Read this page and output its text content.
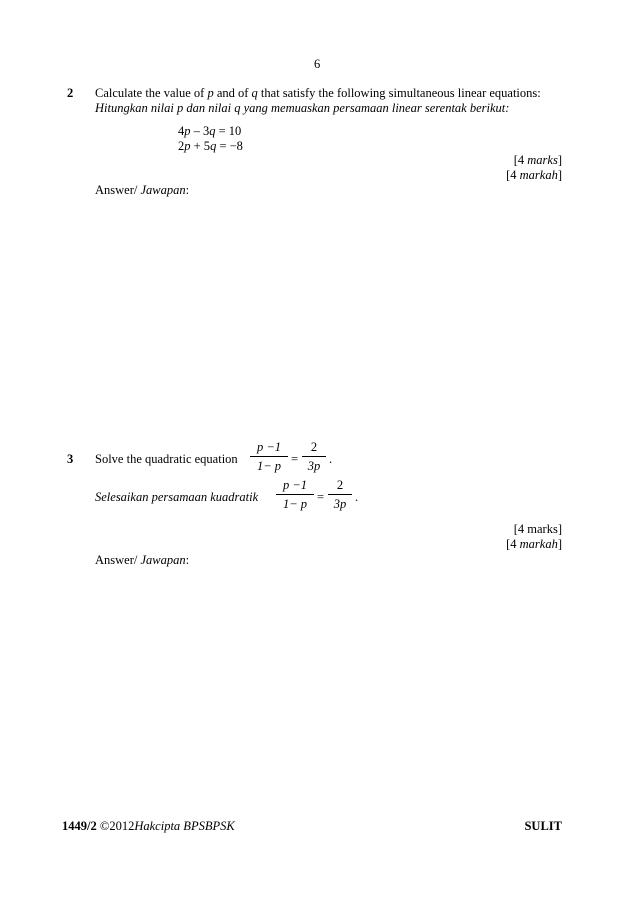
6
2 Calculate the value of p and of q that satisfy the following simultaneous linear equations:
Hitungkan nilai p dan nilai q yang memuaskan persamaan linear serentak berikut:
4p – 3q = 10
2p + 5q = −8
[4 marks]
[4 markah]
Answer/ Jawapan:
3 Solve the quadratic equation $\frac{p -1}{1- p} = \frac{2}{3p}$ .
Selesaikan persamaan kuadratik $\frac{p -1}{1- p} = \frac{2}{3p}$ .
[4 marks]
[4 markah]
Answer/ Jawapan:
1449/2 ©2012Hakcipta BPSBPSK	SULIT
